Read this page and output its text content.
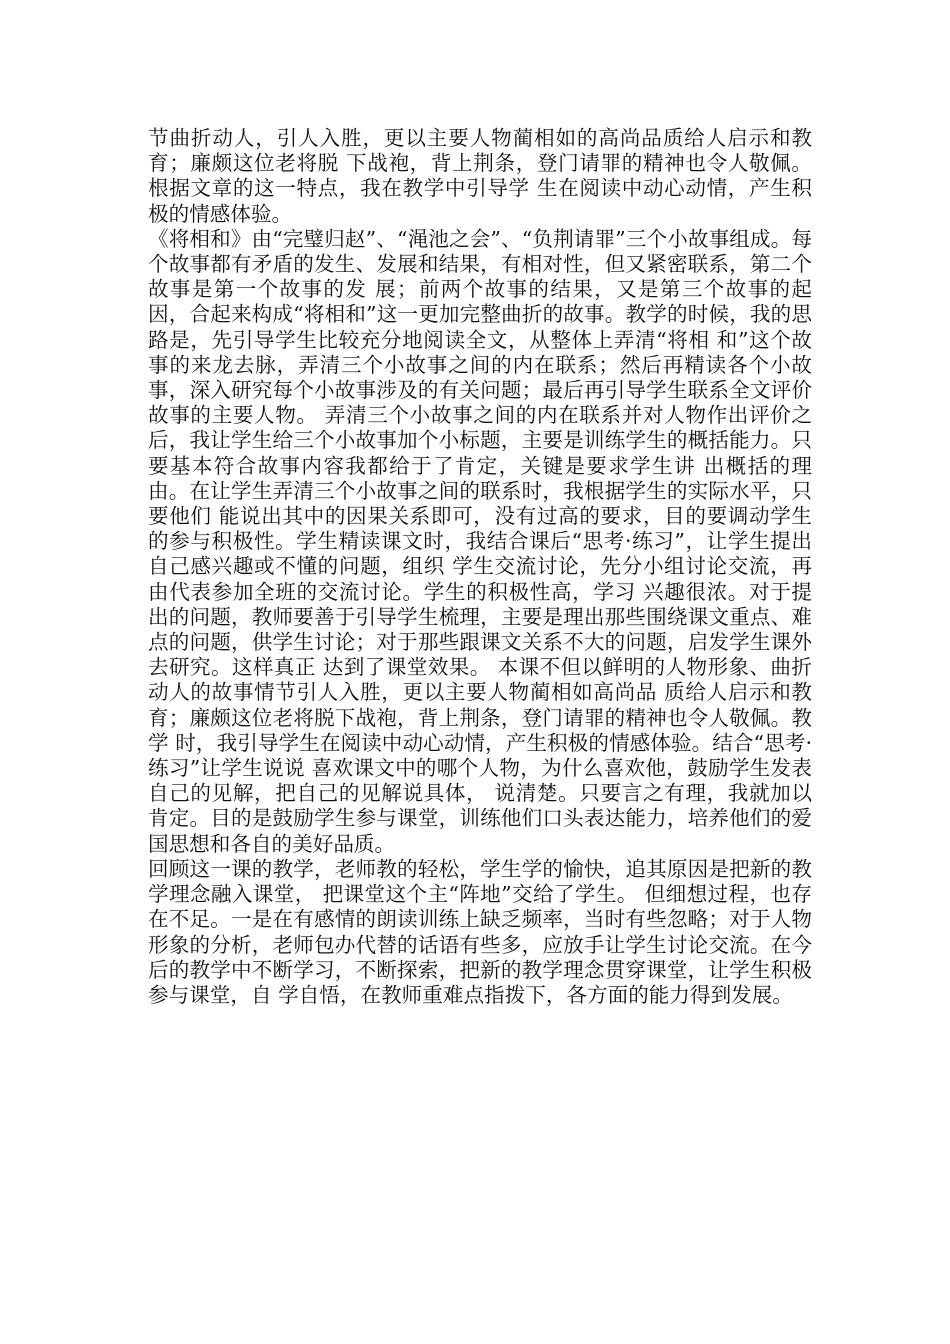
节曲折动人，引人入胜，更以主要人物蔺相如的高尚品质给人启示和教育；廉颇这位老将脱 下战袍，背上荆条，登门请罪的精神也令人敬佩。根据文章的这一特点，我在教学中引导学 生在阅读中动心动情，产生积极的情感体验。

《将相和》由“完璧归赵”、“渑池之会”、“负荆请罪”三个小故事组成。每个故事都有矛盾的发生、发展和结果，有相对性，但又紧密联系，第二个故事是第一个故事的发 展；前两个故事的结果，又是第三个故事的起因，合起来构成“将相和”这一更加完整曲折的故事。教学的时候，我的思路是，先引导学生比较充分地阅读全文，从整体上弄清“将相 和”这个故事的来龙去脉，弄清三个小故事之间的内在联系；然后再精读各个小故事，深入研究每个小故事涉及的有关问题；最后再引导学生联系全文评价故事的主要人物。 弄清三个小故事之间的内在联系并对人物作出评价之后，我让学生给三个小故事加个小标题，主要是训练学生的概括能力。只要基本符合故事内容我都给于了肯定，关键是要求学生讲 出概括的理由。在让学生弄清三个小故事之间的联系时，我根据学生的实际水平，只要他们 能说出其中的因果关系即可，没有过高的要求，目的要调动学生的参与积极性。学生精读课文时，我结合课后“思考·练习”，让学生提出自己感兴趣或不懂的问题，组织 学生交流讨论，先分小组讨论交流，再由代表参加全班的交流讨论。学生的积极性高，学习 兴趣很浓。对于提出的问题，教师要善于引导学生梳理，主要是理出那些围绕课文重点、难 点的问题，供学生讨论；对于那些跟课文关系不大的问题，启发学生课外去研究。这样真正 达到了课堂效果。 本课不但以鲜明的人物形象、曲折动人的故事情节引人入胜，更以主要人物蔺相如高尚品 质给人启示和教育；廉颇这位老将脱下战袍，背上荆条，登门请罪的精神也令人敬佩。教学 时，我引导学生在阅读中动心动情，产生积极的情感体验。结合“思考·练习”让学生说说 喜欢课文中的哪个人物，为什么喜欢他，鼓励学生发表自己的见解，把自己的见解说具体， 说清楚。只要言之有理，我就加以肯定。目的是鼓励学生参与课堂，训练他们口头表达能力，培养他们的爱国思想和各自的美好品质。

回顾这一课的教学，老师教的轻松，学生学的愉快，追其原因是把新的教学理念融入课堂， 把课堂这个主“阵地”交给了学生。 但细想过程，也存在不足。一是在有感情的朗读训练上缺乏频率，当时有些忽略；对于人物 形象的分析，老师包办代替的话语有些多，应放手让学生讨论交流。在今后的教学中不断学习，不断探索，把新的教学理念贯穿课堂，让学生积极参与课堂，自 学自悟，在教师重难点指拨下，各方面的能力得到发展。
